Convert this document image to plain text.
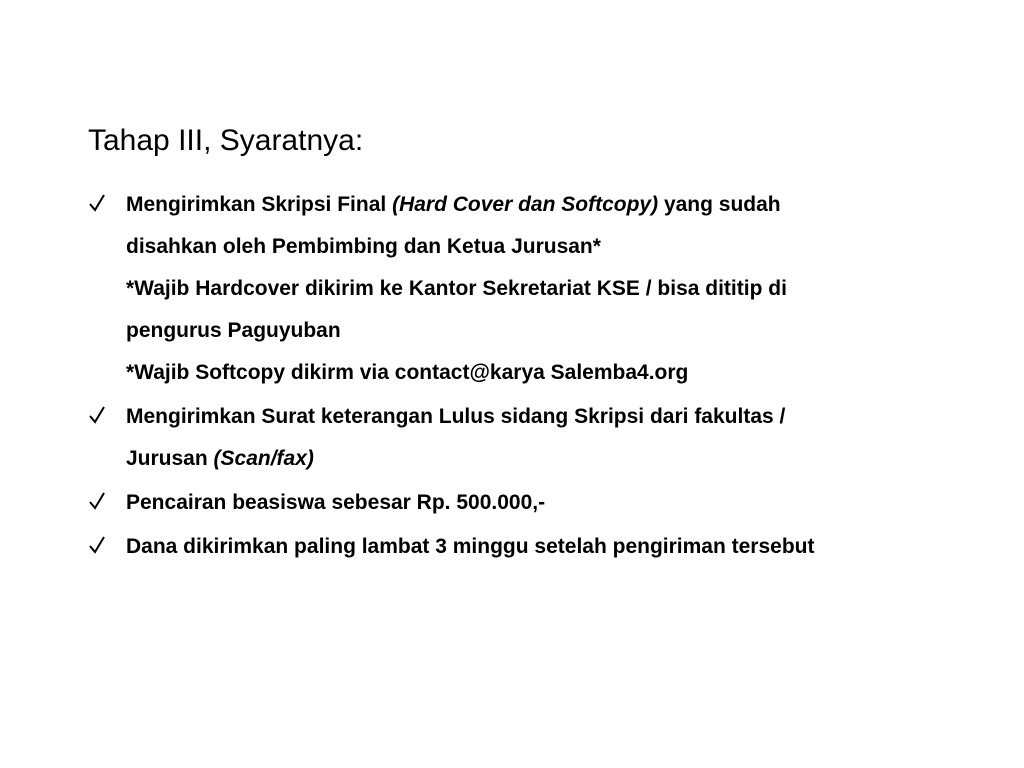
Tahap III, Syaratnya:
Mengirimkan Skripsi Final (Hard Cover dan Softcopy) yang sudah
disahkan oleh Pembimbing dan Ketua Jurusan*
*Wajib Hardcover dikirim ke Kantor Sekretariat KSE / bisa dititip di
pengurus Paguyuban
*Wajib Softcopy dikirm via contact@karya Salemba4.org
Mengirimkan Surat keterangan Lulus sidang Skripsi dari fakultas /
Jurusan (Scan/fax)
Pencairan beasiswa sebesar Rp. 500.000,-
Dana dikirimkan paling lambat 3 minggu setelah pengiriman tersebut
